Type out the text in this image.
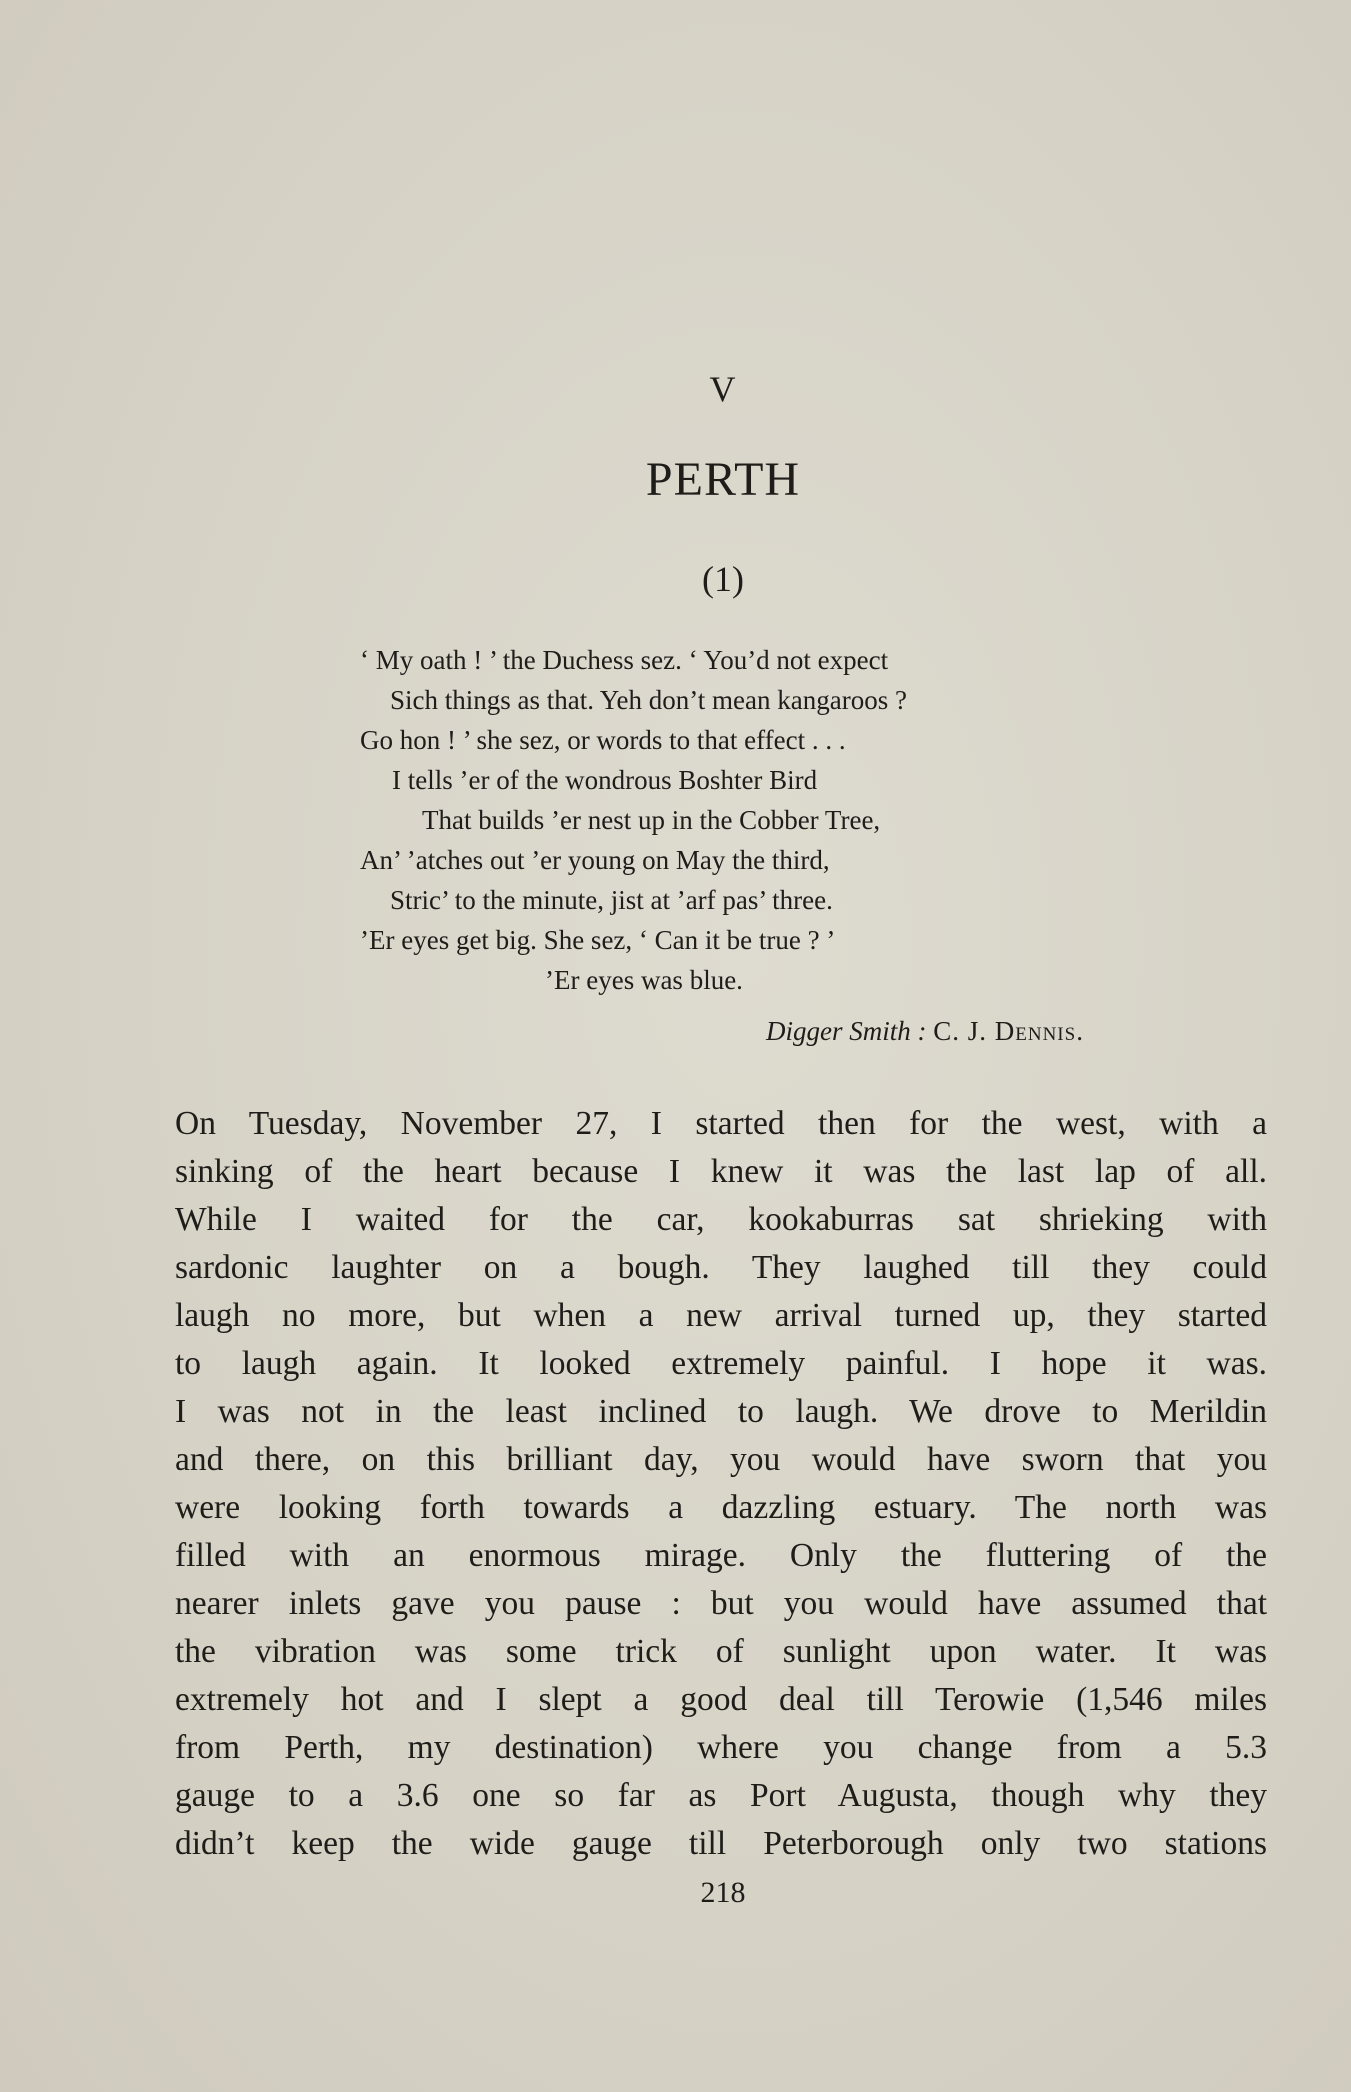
V
PERTH
(1)
‘ My oath ! ’ the Duchess sez. ‘ You’d not expect
Sich things as that. Yeh don’t mean kangaroos ?
Go hon ! ’ she sez, or words to that effect . . .
I tells ’er of the wondrous Boshter Bird
That builds ’er nest up in the Cobber Tree,
An’ ’atches out ’er young on May the third,
Stric’ to the minute, jist at ’arf pas’ three.
’Er eyes get big. She sez, ‘ Can it be true ? ’
’Er eyes was blue.
Digger Smith : C. J. Dennis.
On Tuesday, November 27, I started then for the west, with a
sinking of the heart because I knew it was the last lap of all.
While I waited for the car, kookaburras sat shrieking with
sardonic laughter on a bough. They laughed till they could
laugh no more, but when a new arrival turned up, they started
to laugh again. It looked extremely painful. I hope it was.
I was not in the least inclined to laugh. We drove to Merildin
and there, on this brilliant day, you would have sworn that you
were looking forth towards a dazzling estuary. The north was
filled with an enormous mirage. Only the fluttering of the
nearer inlets gave you pause : but you would have assumed that
the vibration was some trick of sunlight upon water. It was
extremely hot and I slept a good deal till Terowie (1,546 miles
from Perth, my destination) where you change from a 5.3
gauge to a 3.6 one so far as Port Augusta, though why they
didn’t keep the wide gauge till Peterborough only two stations
218
